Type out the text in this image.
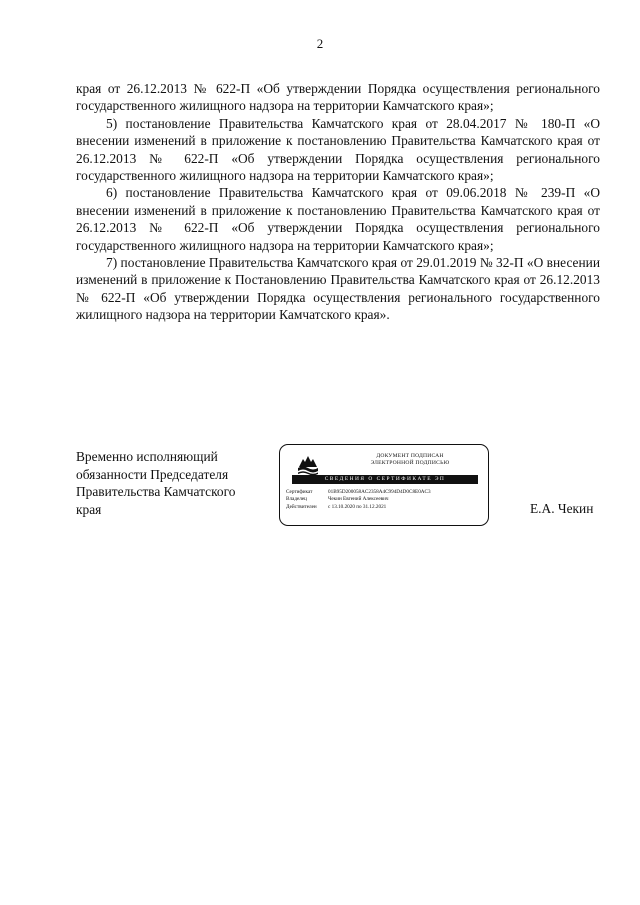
2

края от 26.12.2013 № 622-П «Об утверждении Порядка осуществления регионального государственного жилищного надзора на территории Камчатского края»;

5) постановление Правительства Камчатского края от 28.04.2017 № 180-П «О внесении изменений в приложение к постановлению Правительства Камчатского края от 26.12.2013 № 622-П «Об утверждении Порядка осуществления регионального государственного жилищного надзора на территории Камчатского края»;

6) постановление Правительства Камчатского края от 09.06.2018 № 239-П «О внесении изменений в приложение к постановлению Правительства Камчатского края от 26.12.2013 № 622-П «Об утверждении Порядка осуществления регионального государственного жилищного надзора на территории Камчатского края»;

7) постановление Правительства Камчатского края от 29.01.2019 № 32-П «О внесении изменений в приложение к Постановлению Правительства Камчатского края от 26.12.2013 № 622-П «Об утверждении Порядка осуществления регионального государственного жилищного надзора на территории Камчатского края».

Временно исполняющий
обязанности Председателя
Правительства Камчатского
края
ДОКУМЕНТ ПОДПИСАН
ЭЛЕКТРОННОЙ ПОДПИСЬЮ
СВЕДЕНИЯ О СЕРТИФИКАТЕ ЭП
Сертификат	01B95D200058AC2358A4C994D4D0C8E0AC3
Владелец	Чекин Евгений Алексеевич
Действителен с 13.10.2020 по 31.12.2021	Е.А. Чекин
